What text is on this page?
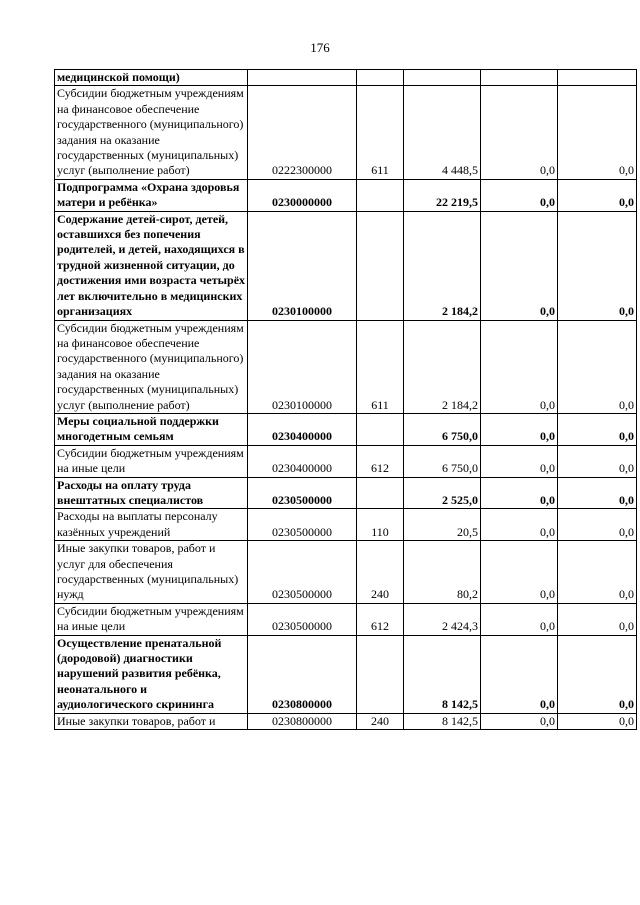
176
медицинской помощи)					
Субсидии бюджетным учреждениям на финансовое обеспечение государственного (муниципального) задания на оказание государственных (муниципальных) услуг (выполнение работ)	0222300000	611	4 448,5	0,0	0,0
Подпрограмма «Охрана здоровья матери и ребёнка»	0230000000		22 219,5	0,0	0,0
Содержание детей-сирот, детей, оставшихся без попечения родителей, и детей, находящихся в трудной жизненной ситуации, до достижения ими возраста четырёх лет включительно в медицинских организациях	0230100000		2 184,2	0,0	0,0
Субсидии бюджетным учреждениям на финансовое обеспечение государственного (муниципального) задания на оказание государственных (муниципальных) услуг (выполнение работ)	0230100000	611	2 184,2	0,0	0,0
Меры социальной поддержки многодетным семьям	0230400000		6 750,0	0,0	0,0
Субсидии бюджетным учреждениям на иные цели	0230400000	612	6 750,0	0,0	0,0
Расходы на оплату труда внештатных специалистов	0230500000		2 525,0	0,0	0,0
Расходы на выплаты персоналу казённых учреждений	0230500000	110	20,5	0,0	0,0
Иные закупки товаров, работ и услуг для обеспечения государственных (муниципальных) нужд	0230500000	240	80,2	0,0	0,0
Субсидии бюджетным учреждениям на иные цели	0230500000	612	2 424,3	0,0	0,0
Осуществление пренатальной (дородовой) диагностики нарушений развития ребёнка, неонатального и аудиологического скрининга	0230800000		8 142,5	0,0	0,0
Иные закупки товаров, работ и	0230800000	240	8 142,5	0,0	0,0
